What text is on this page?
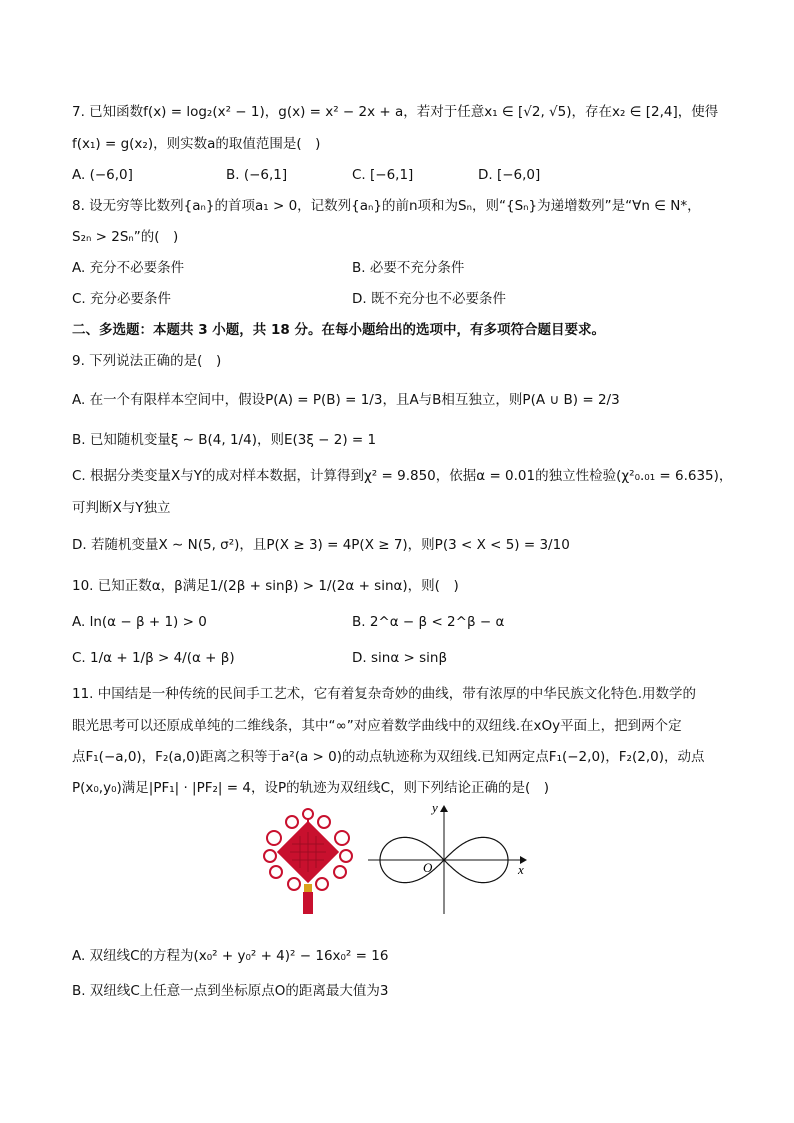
7. 已知函数f(x) = log₂(x² − 1)，g(x) = x² − 2x + a，若对于任意x₁ ∈ [√2, √5)，存在x₂ ∈ [2,4]，使得
f(x₁) = g(x₂)，则实数a的取值范围是(　)
A. (−6,0]	B. (−6,1]	C. [−6,1]	D. [−6,0]
8. 设无穷等比数列{aₙ}的首项a₁ > 0，记数列{aₙ}的前n项和为Sₙ，则“{Sₙ}为递增数列”是“∀n ∈ N*，
S₂ₙ > 2Sₙ”的(　)
A. 充分不必要条件	B. 必要不充分条件
C. 充分必要条件	D. 既不充分也不必要条件
二、多选题：本题共 3 小题，共 18 分。在每小题给出的选项中，有多项符合题目要求。
9. 下列说法正确的是(　)
A. 在一个有限样本空间中，假设P(A) = P(B) = 1/3，且A与B相互独立，则P(A ∪ B) = 2/3
B. 已知随机变量ξ ∼ B(4, 1/4)，则E(3ξ − 2) = 1
C. 根据分类变量X与Y的成对样本数据，计算得到χ² = 9.850，依据α = 0.01的独立性检验(χ²₀.₀₁ = 6.635)，
可判断X与Y独立
D. 若随机变量X ∼ N(5, σ²)，且P(X ≥ 3) = 4P(X ≥ 7)，则P(3 < X < 5) = 3/10
10. 已知正数α，β满足1/(2β + sinβ) > 1/(2α + sinα)，则(　)
A. ln(α − β + 1) > 0	B. 2^α − β < 2^β − α
C. 1/α + 1/β > 4/(α + β)	D. sinα > sinβ
11. 中国结是一种传统的民间手工艺术，它有着复杂奇妙的曲线，带有浓厚的中华民族文化特色.用数学的
眼光思考可以还原成单纯的二维线条，其中“∞”对应着数学曲线中的双纽线.在xOy平面上，把到两个定
点F₁(−a,0)，F₂(a,0)距离之积等于a²(a > 0)的动点轨迹称为双纽线.已知两定点F₁(−2,0)，F₂(2,0)，动点
P(x₀,y₀)满足|PF₁| · |PF₂| = 4，设P的轨迹为双纽线C，则下列结论正确的是(　)
y
x
O
A. 双纽线C的方程为(x₀² + y₀² + 4)² − 16x₀² = 16
B. 双纽线C上任意一点到坐标原点O的距离最大值为3
